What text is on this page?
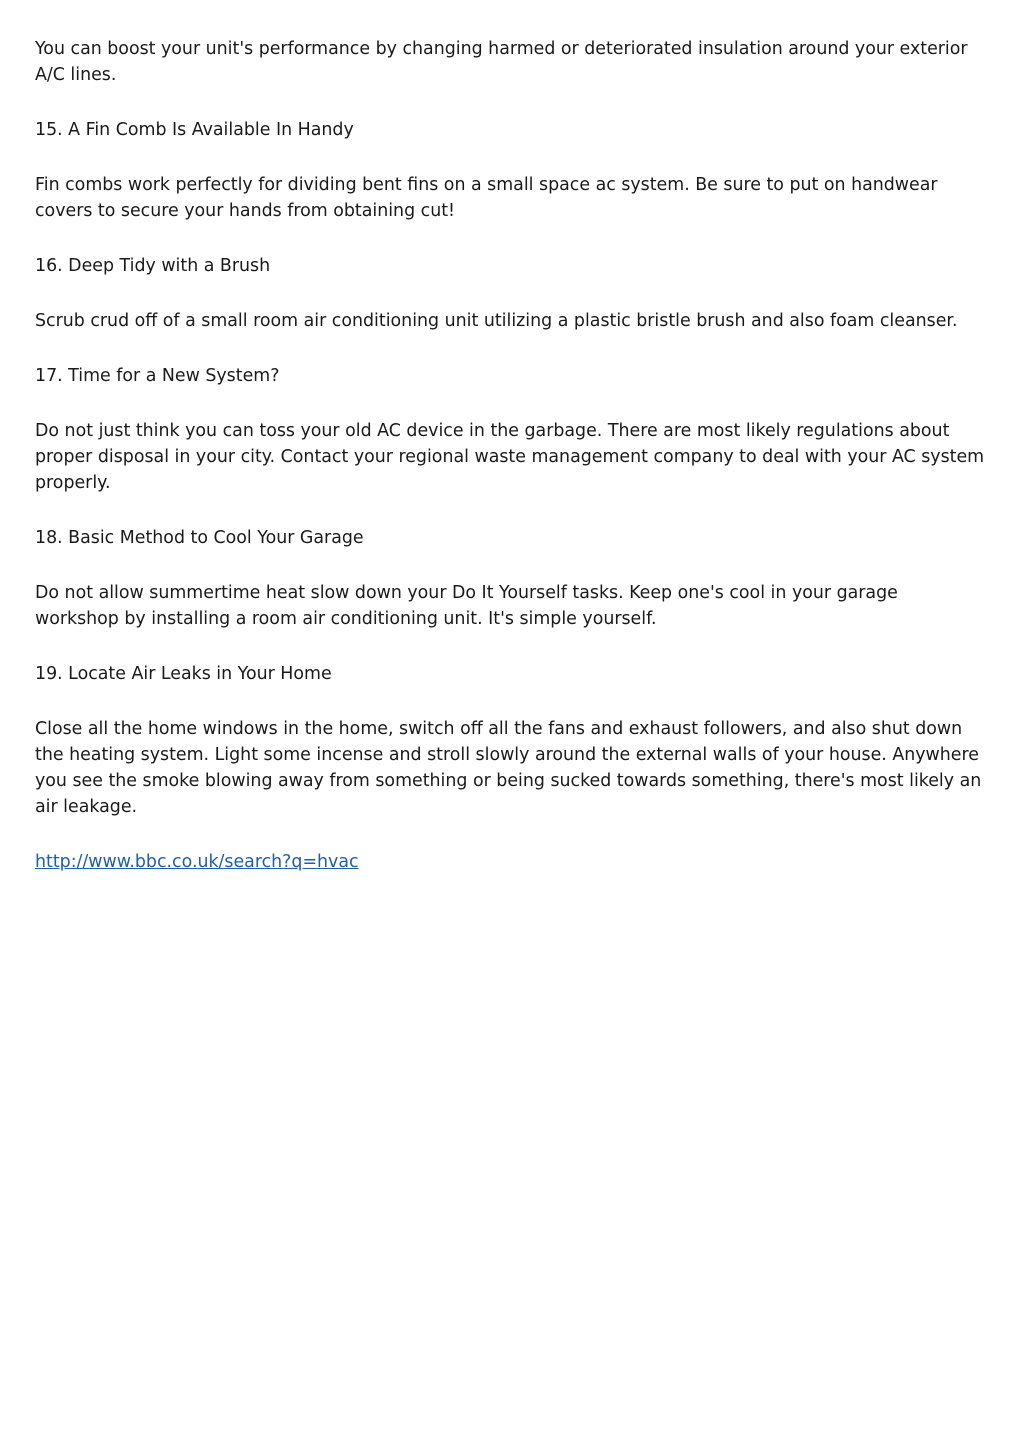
You can boost your unit's performance by changing harmed or deteriorated insulation around your exterior A/C lines.

15. A Fin Comb Is Available In Handy

Fin combs work perfectly for dividing bent fins on a small space ac system. Be sure to put on handwear covers to secure your hands from obtaining cut!

16. Deep Tidy with a Brush

Scrub crud off of a small room air conditioning unit utilizing a plastic bristle brush and also foam cleanser.

17. Time for a New System?

Do not just think you can toss your old AC device in the garbage. There are most likely regulations about proper disposal in your city. Contact your regional waste management company to deal with your AC system properly.

18. Basic Method to Cool Your Garage

Do not allow summertime heat slow down your Do It Yourself tasks. Keep one's cool in your garage workshop by installing a room air conditioning unit. It's simple yourself.

19. Locate Air Leaks in Your Home

Close all the home windows in the home, switch off all the fans and exhaust followers, and also shut down the heating system. Light some incense and stroll slowly around the external walls of your house. Anywhere you see the smoke blowing away from something or being sucked towards something, there's most likely an air leakage.

http://www.bbc.co.uk/search?q=hvac
